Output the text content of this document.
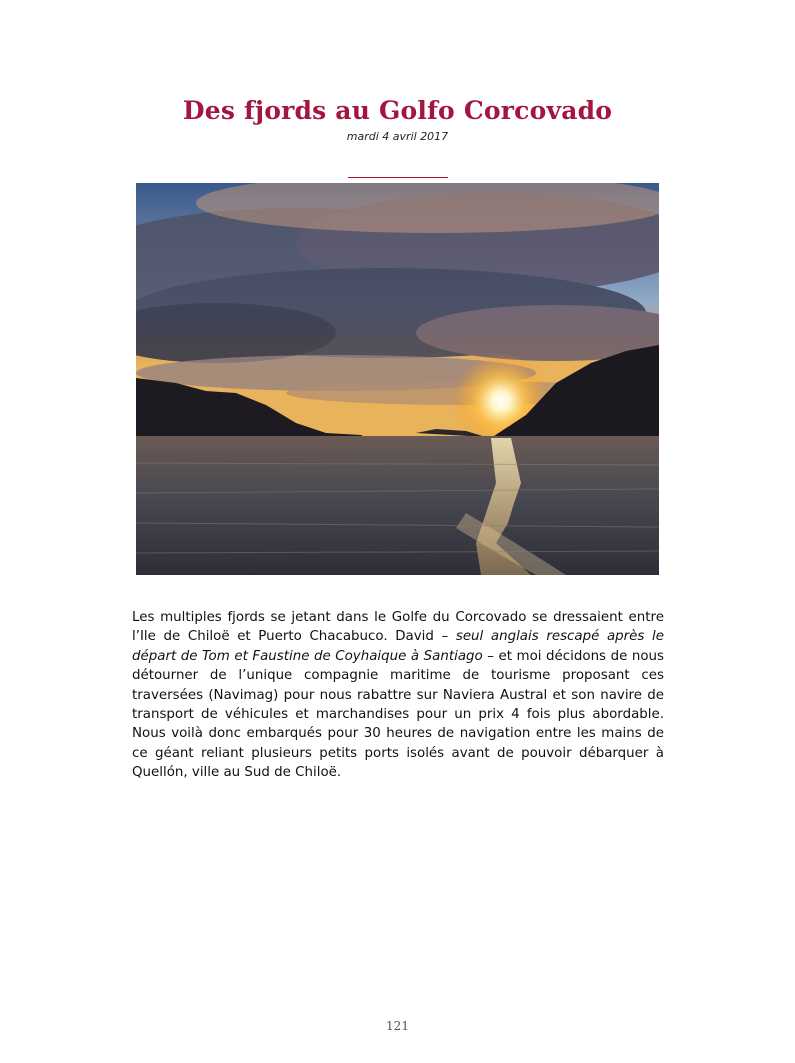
Des fjords au Golfo Corcovado
mardi 4 avril 2017
Les multiples fjords se jetant dans le Golfe du Corcovado se dressaient entre l’Ile de Chiloë et Puerto Chacabuco. David – seul anglais rescapé après le départ de Tom et Faustine de Coyhaique à Santiago – et moi décidons de nous détourner de l’unique compagnie maritime de tourisme proposant ces traversées (Navimag) pour nous rabattre sur Naviera Austral et son navire de transport de véhicules et marchandises pour un prix 4 fois plus abordable. Nous voilà donc embarqués pour 30 heures de navigation entre les mains de ce géant reliant plusieurs petits ports isolés avant de pouvoir débarquer à Quellón, ville au Sud de Chiloë.
121
